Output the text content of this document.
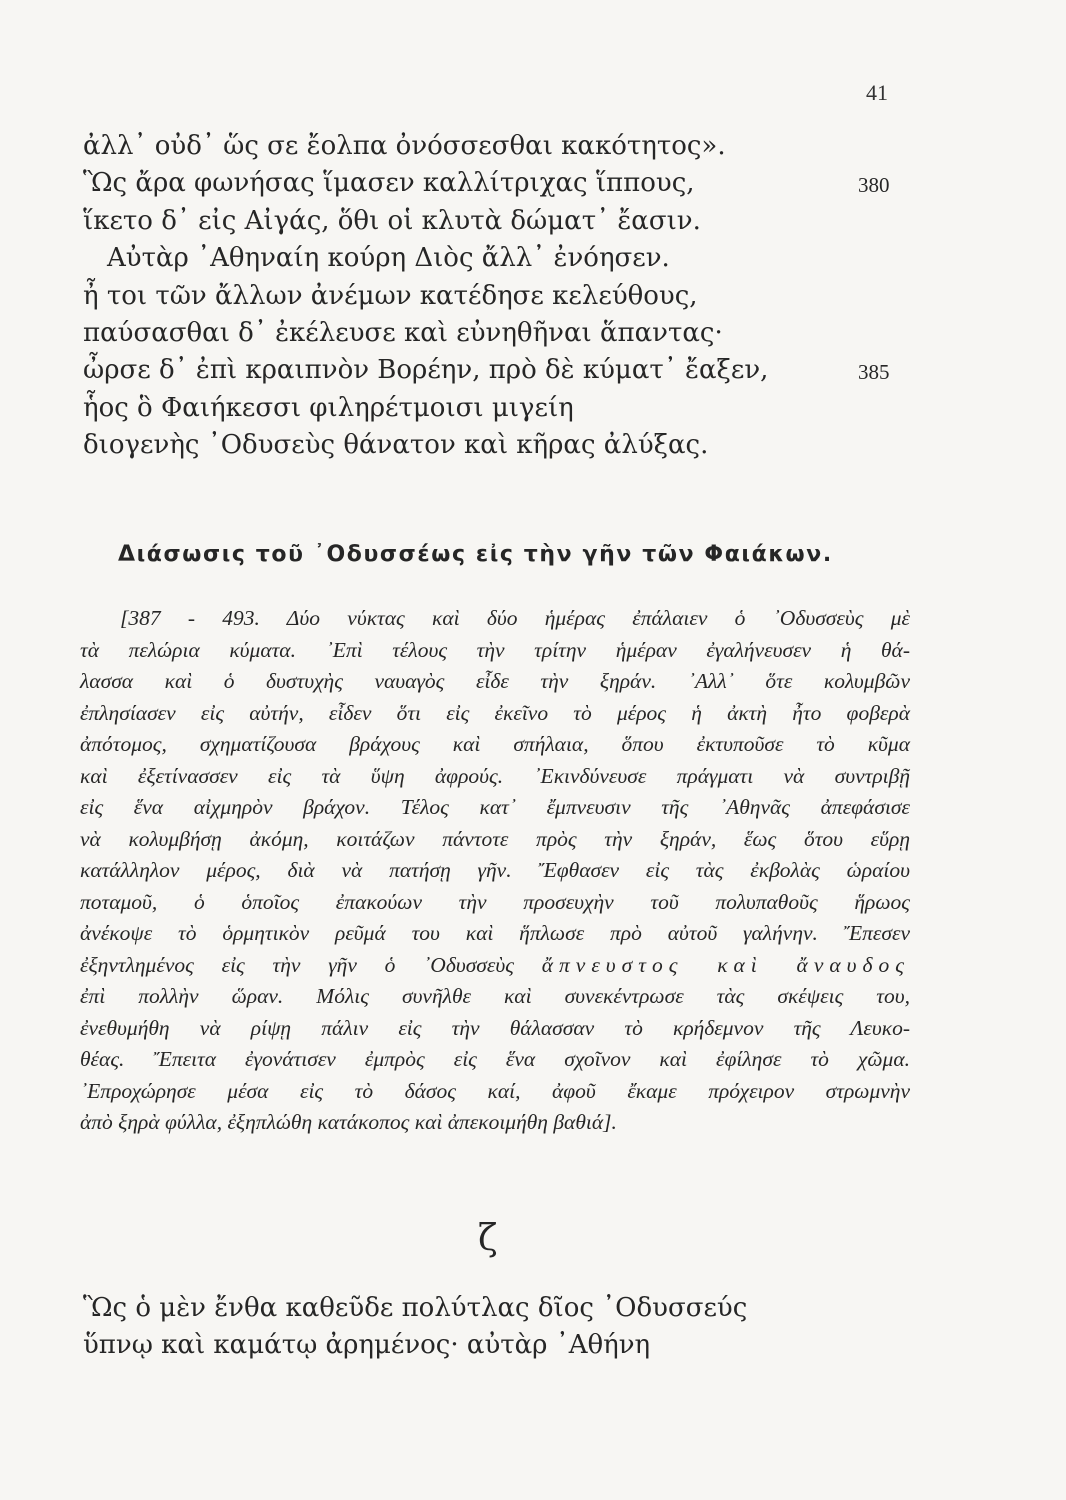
41
ἀλλ᾽ οὐδ᾽ ὥς σε ἔολπα ὀνόσσεσθαι κακότητος».
Ὣς ἄρα φωνήσας ἵμασεν καλλίτριχας ἵππους,	380
ἵκετο δ᾽ εἰς Αἰγάς, ὅθι οἱ κλυτὰ δώματ᾽ ἔασιν.
Αὐτὰρ ᾽Αθηναίη κούρη Διὸς ἄλλ᾽ ἐνόησεν.
ἦ τοι τῶν ἄλλων ἀνέμων κατέδησε κελεύθους,
παύσασθαι δ᾽ ἐκέλευσε καὶ εὐνηθῆναι ἅπαντας·
ὦρσε δ᾽ ἐπὶ κραιπνὸν Βορέην, πρὸ δὲ κύματ᾽ ἔαξεν,	385
ἧος ὃ Φαιήκεσσι φιληρέτμοισι μιγείη
διογενὴς ᾽Οδυσεὺς θάνατον καὶ κῆρας ἀλύξας.
Διάσωσις τοῦ ᾽Οδυσσέως εἰς τὴν γῆν τῶν Φαιάκων.
[387 - 493. Δύο νύκτας καὶ δύο ἡμέρας ἐπάλαιεν ὁ ᾽Οδυσσεὺς μὲ
τὰ πελώρια κύματα. ᾽Επὶ τέλους τὴν τρίτην ἡμέραν ἐγαλήνευσεν ἡ θά-
λασσα καὶ ὁ δυστυχὴς ναυαγὸς εἶδε τὴν ξηράν. ᾽Αλλ᾽ ὅτε κολυμβῶν
ἐπλησίασεν εἰς αὐτήν, εἶδεν ὅτι εἰς ἐκεῖνο τὸ μέρος ἡ ἀκτὴ ἦτο φοβερὰ
ἀπότομος, σχηματίζουσα βράχους καὶ σπήλαια, ὅπου ἐκτυποῦσε τὸ κῦμα
καὶ ἐξετίνασσεν εἰς τὰ ὕψη ἀφρούς. ᾽Εκινδύνευσε πράγματι νὰ συντριβῇ
εἰς ἕνα αἰχμηρὸν βράχον. Τέλος κατ᾽ ἔμπνευσιν τῆς ᾽Αθηνᾶς ἀπεφάσισε
νὰ κολυμβήσῃ ἀκόμη, κοιτάζων πάντοτε πρὸς τὴν ξηράν, ἕως ὅτου εὕρῃ
κατάλληλον μέρος, διὰ νὰ πατήσῃ γῆν. Ἔφθασεν εἰς τὰς ἐκβολὰς ὡραίου
ποταμοῦ, ὁ ὁποῖος ἐπακούων τὴν προσευχὴν τοῦ πολυπαθοῦς ἥρωος
ἀνέκοψε τὸ ὁρμητικὸν ρεῦμά του καὶ ἥπλωσε πρὸ αὐτοῦ γαλήνην. Ἔπεσεν
ἐξηντλημένος εἰς τὴν γῆν ὁ ᾽Οδυσσεὺς ἄπνευστος καὶ ἄναυδος
ἐπὶ πολλὴν ὥραν. Μόλις συνῆλθε καὶ συνεκέντρωσε τὰς σκέψεις του,
ἐνεθυμήθη νὰ ρίψῃ πάλιν εἰς τὴν θάλασσαν τὸ κρήδεμνον τῆς Λευκο-
θέας. Ἔπειτα ἐγονάτισεν ἐμπρὸς εἰς ἕνα σχοῖνον καὶ ἐφίλησε τὸ χῶμα.
᾽Επροχώρησε μέσα εἰς τὸ δάσος καί, ἀφοῦ ἔκαμε πρόχειρον στρωμνὴν
ἀπὸ ξηρὰ φύλλα, ἐξηπλώθη κατάκοπος καὶ ἀπεκοιμήθη βαθιά].
ζ
Ὣς ὁ μὲν ἔνθα καθεῦδε πολύτλας δῖος ᾽Οδυσσεύς
ὕπνῳ καὶ καμάτῳ ἀρημένος· αὐτὰρ ᾽Αθήνη
